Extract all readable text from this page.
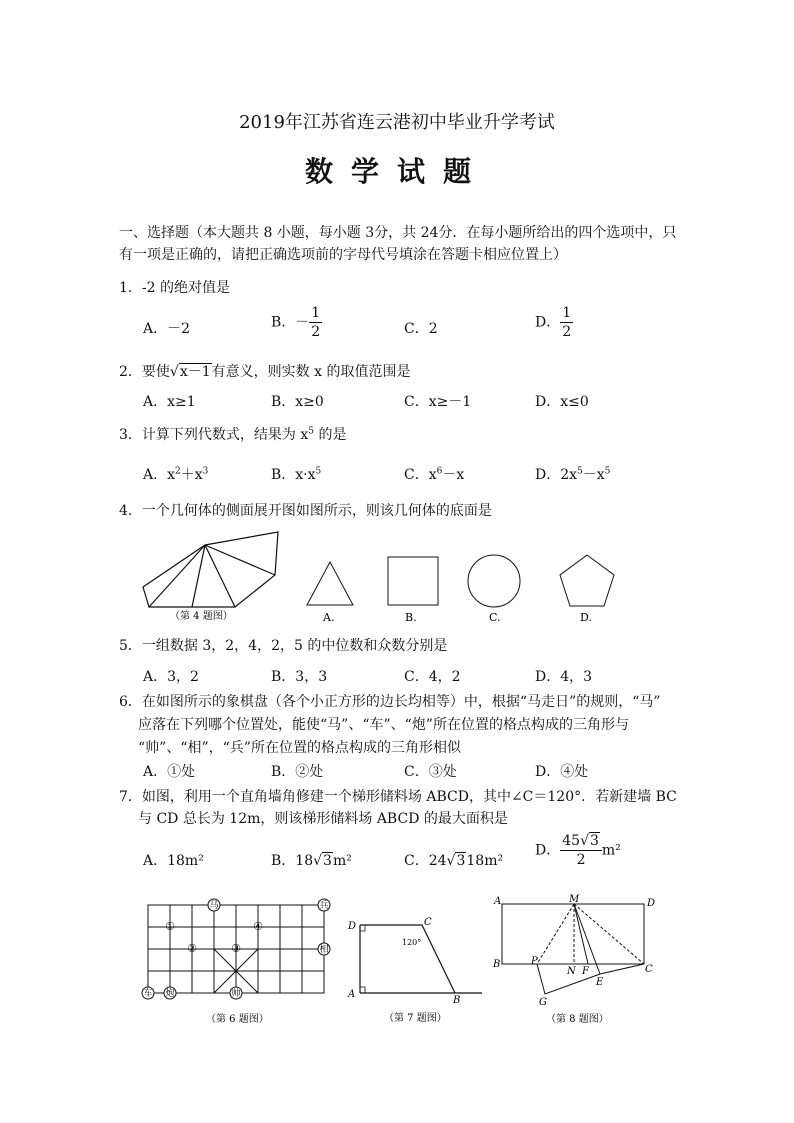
2019年江苏省连云港初中毕业升学考试
数学试题
一、选择题（本大题共 8 小题，每小题 3分，共 24分．在每小题所给出的四个选项中，只
有一项是正确的，请把正确选项前的字母代号填涂在答题卡相应位置上）
1．-2 的绝对值是
A．－2	B．－ $\frac{1}{2}$	C．2	D． $\frac{1}{2}$
2．要使√x－1有意义，则实数 x 的取值范围是
A．x≥1	B．x≥0	C．x≥－1	D．x≤0
3．计算下列代数式，结果为 $x^5$ 的是
A．$x^2+x^3$	B．$x\cdot x^5$	C．$x^6-x$	D．$2x^5-x^5$
4．一个几何体的侧面展开图如图所示，则该几何体的底面是
（第 4 题图）	A.	B.	C.	D.
5．一组数据 3，2，4，2，5 的中位数和众数分别是
A．3，2	B．3，3	C．4，2	D．4，3
6．在如图所示的象棋盘（各个小正方形的边长均相等）中，根据“马走日”的规则，“马”
应落在下列哪个位置处，能使“马”、“车”、“炮”所在位置的格点构成的三角形与
“帅”、“相”，“兵”所在位置的格点构成的三角形相似
A．①处	B．②处	C．③处	D．④处
7．如图，利用一个直角墙角修建一个梯形储料场 ABCD，其中∠C＝120°．若新建墙 BC
与 CD 总长为 12m，则该梯形储料场 ABCD 的最大面积是
A．18m²	B．18√3m²	C．24√318m²
D． $\frac{45√3}{2} m^2$
马	兵
相
车 炮	帅
①
②	③
④
（第 6 题图）
D	C
A
B
120°
（第 7 题图）
A	M	D
B	P
N F	C
E
G
（第 8 题图）
